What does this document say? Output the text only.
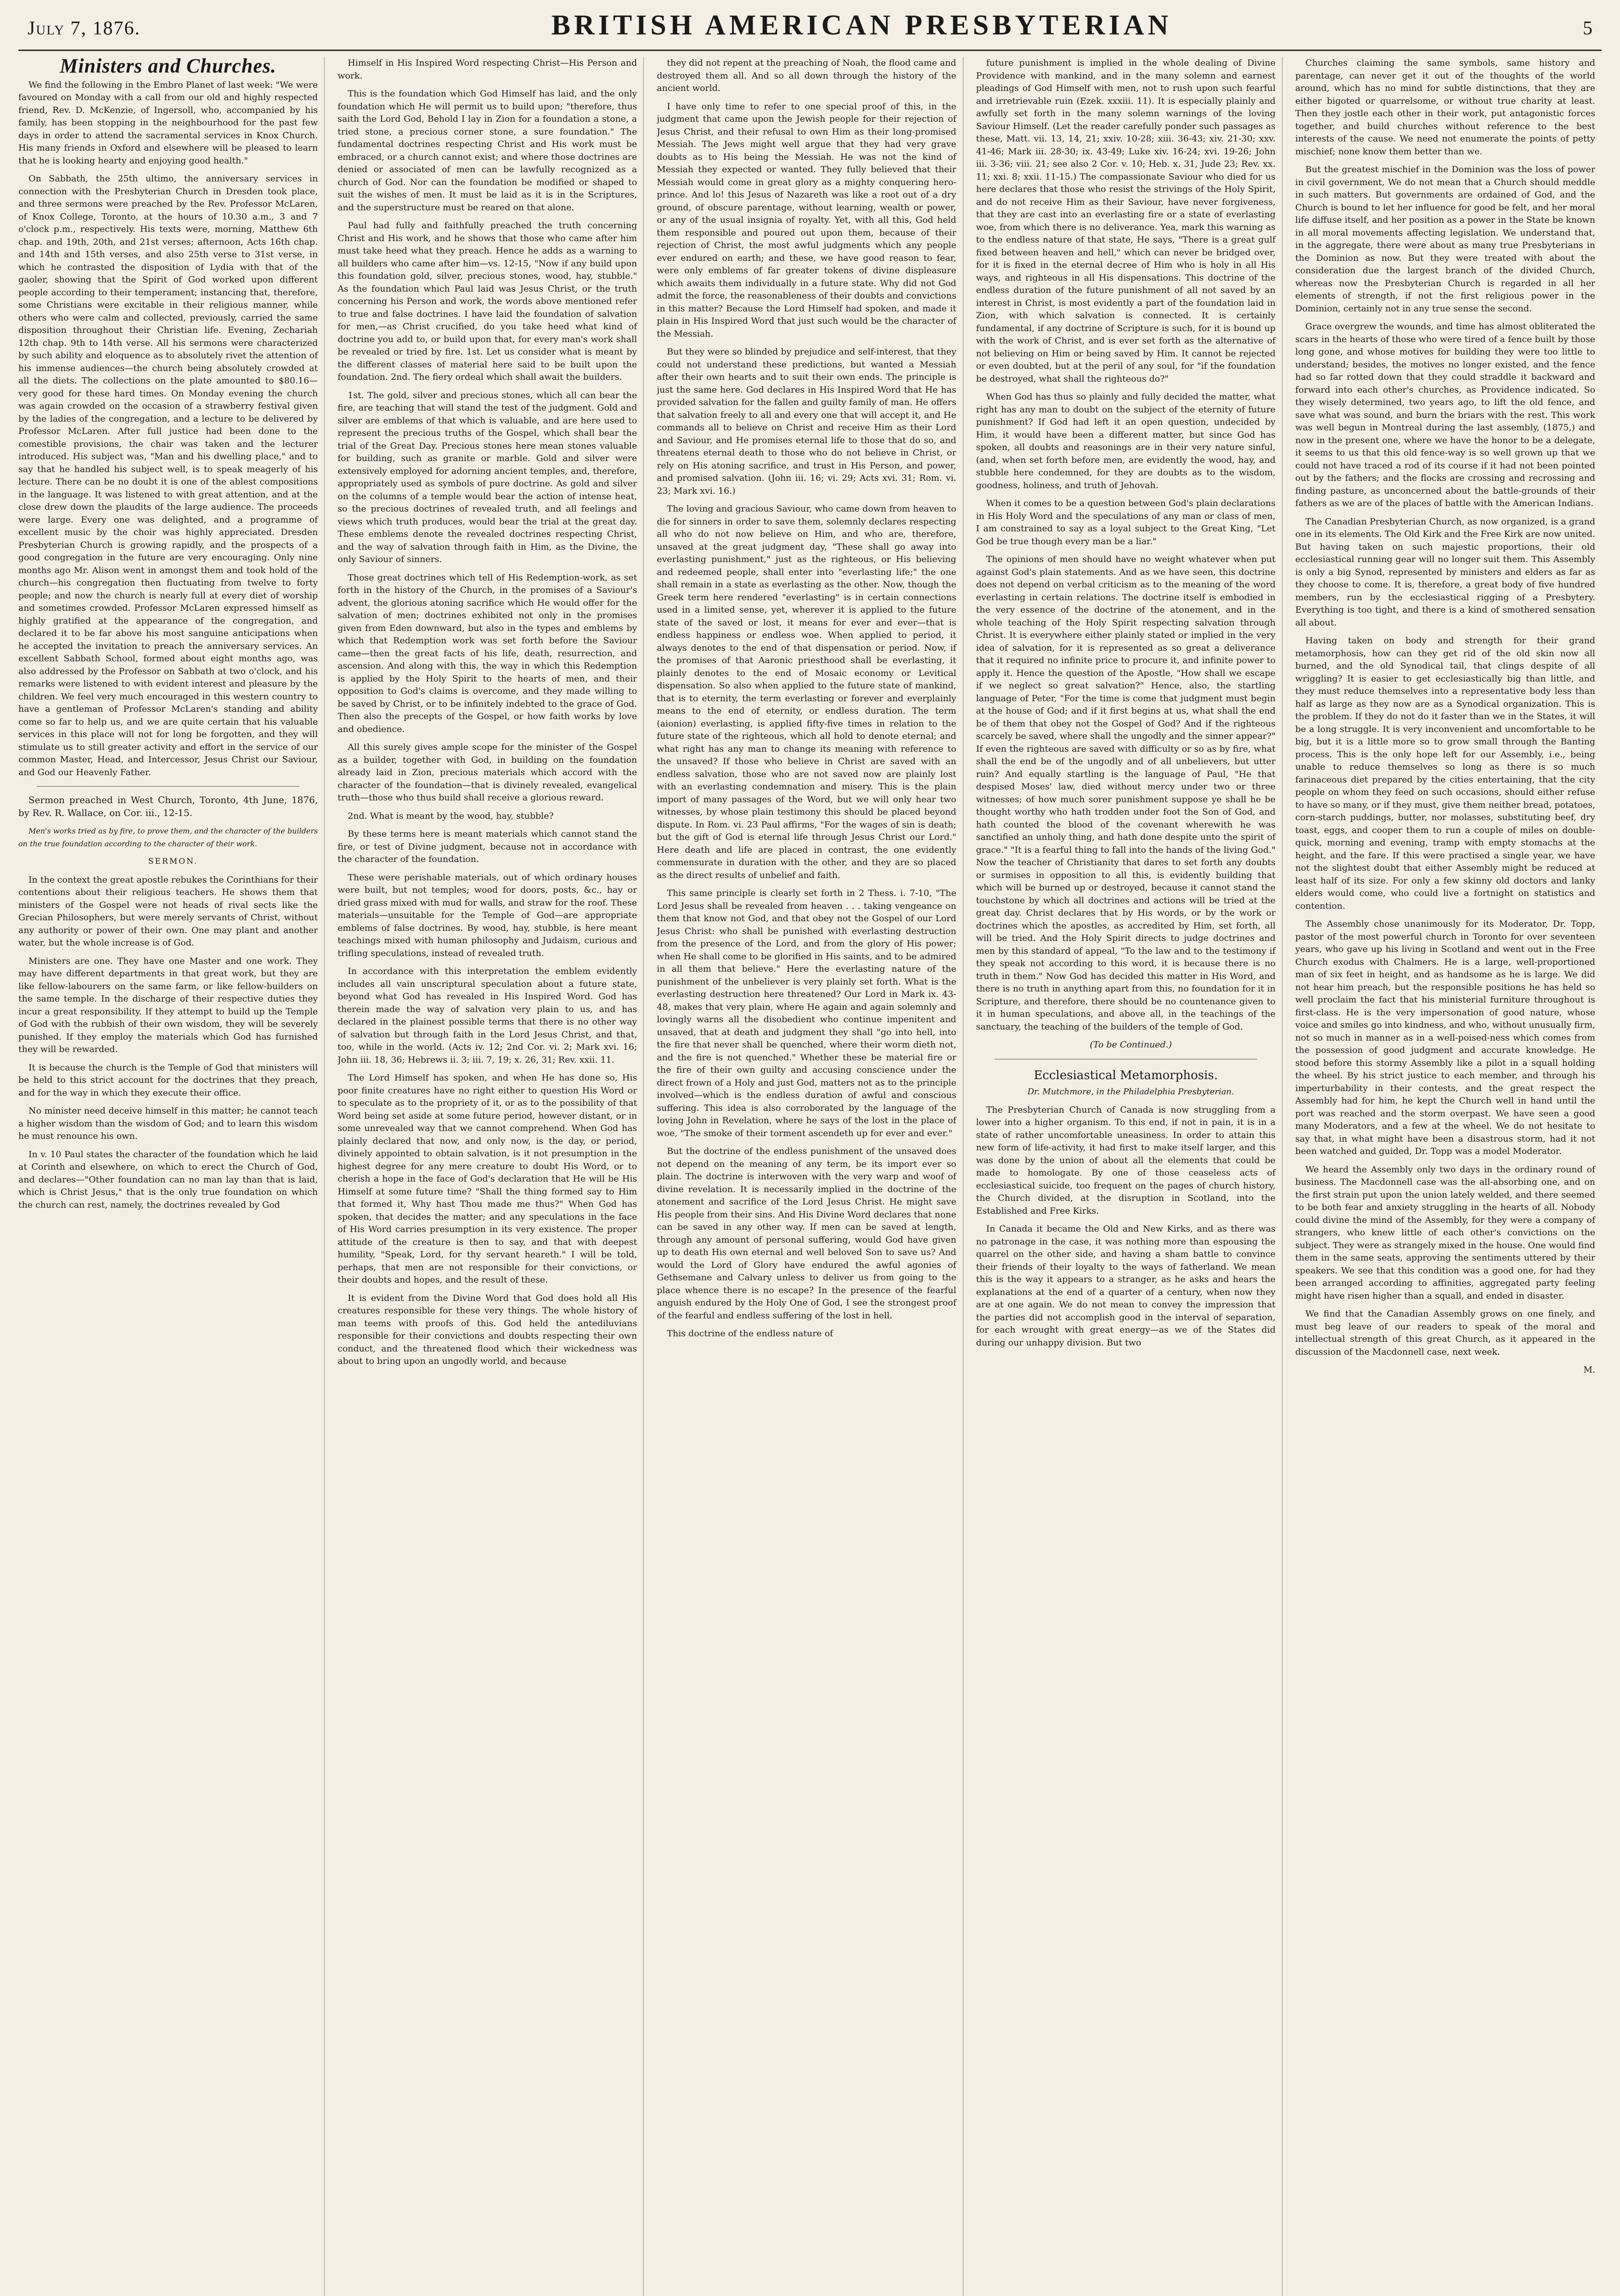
July 7, 1876.	BRITISH AMERICAN PRESBYTERIAN	5
Ministers and Churches.

We find the following in the Embro Planet of last week: "We were favoured on Monday with a call from our old and highly respected friend, Rev. D. McKenzie, of Ingersoll, who, accompanied by his family, has been stopping in the neighbourhood for the past few days in order to attend the sacramental services in Knox Church. His many friends in Oxford and elsewhere will be pleased to learn that he is looking hearty and enjoying good health."

On Sabbath, the 25th ultimo, the anniversary services in connection with the Presbyterian Church in Dresden took place, and three sermons were preached by the Rev. Professor McLaren, of Knox College, Toronto, at the hours of 10.30 a.m., 3 and 7 o'clock p.m., respectively. His texts were, morning, Matthew 6th chap. and 19th, 20th, and 21st verses; afternoon, Acts 16th chap. and 14th and 15th verses, and also 25th verse to 31st verse, in which he contrasted the disposition of Lydia with that of the gaoler, showing that the Spirit of God worked upon different people according to their temperament; instancing that, therefore, some Christians were excitable in their religious manner, while others who were calm and collected, previously, carried the same disposition throughout their Christian life. Evening, Zechariah 12th chap. 9th to 14th verse. All his sermons were characterized by such ability and eloquence as to absolutely rivet the attention of his immense audiences—the church being absolutely crowded at all the diets. The collections on the plate amounted to $80.16—very good for these hard times. On Monday evening the church was again crowded on the occasion of a strawberry festival given by the ladies of the congregation, and a lecture to be delivered by Professor McLaren. After full justice had been done to the comestible provisions, the chair was taken and the lecturer introduced. His subject was, "Man and his dwelling place," and to say that he handled his subject well, is to speak meagerly of his lecture. There can be no doubt it is one of the ablest compositions in the language. It was listened to with great attention, and at the close drew down the plaudits of the large audience. The proceeds were large. Every one was delighted, and a programme of excellent music by the choir was highly appreciated. Dresden Presbyterian Church is growing rapidly, and the prospects of a good congregation in the future are very encouraging. Only nine months ago Mr. Alison went in amongst them and took hold of the church—his congregation then fluctuating from twelve to forty people; and now the church is nearly full at every diet of worship and sometimes crowded. Professor McLaren expressed himself as highly gratified at the appearance of the congregation, and declared it to be far above his most sanguine anticipations when he accepted the invitation to preach the anniversary services. An excellent Sabbath School, formed about eight months ago, was also addressed by the Professor on Sabbath at two o'clock, and his remarks were listened to with evident interest and pleasure by the children. We feel very much encouraged in this western country to have a gentleman of Professor McLaren's standing and ability come so far to help us, and we are quite certain that his valuable services in this place will not for long be forgotten, and they will stimulate us to still greater activity and effort in the service of our common Master, Head, and Intercessor, Jesus Christ our Saviour, and God our Heavenly Father.

Sermon preached in West Church, Toronto, 4th June, 1876, by Rev. R. Wallace, on Cor. iii., 12-15.

Men's works tried as by fire, to prove them, and the character of the builders on the true foundation according to the character of their work.

SERMON.

In the context the great apostle rebukes the Corinthians for their contentions about their religious teachers. He shows them that ministers of the Gospel were not heads of rival sects like the Grecian Philosophers, but were merely servants of Christ, without any authority or power of their own. One may plant and another water, but the whole increase is of God.

Ministers are one. They have one Master and one work. They may have different departments in that great work, but they are like fellow-labourers on the same farm, or like fellow-builders on the same temple. In the discharge of their respective duties they incur a great responsibility. If they attempt to build up the Temple of God with the rubbish of their own wisdom, they will be severely punished. If they employ the materials which God has furnished they will be rewarded.

It is because the church is the Temple of God that ministers will be held to this strict account for the doctrines that they preach, and for the way in which they execute their office.

No minister need deceive himself in this matter; he cannot teach a higher wisdom than the wisdom of God; and to learn this wisdom he must renounce his own.

In v. 10 Paul states the character of the foundation which he laid at Corinth and elsewhere, on which to erect the Church of God, and declares—"Other foundation can no man lay than that is laid, which is Christ Jesus," that is the only true foundation on which the church can rest, namely, the doctrines revealed by God

Himself in His Inspired Word respecting Christ—His Person and work.

This is the foundation which God Himself has laid, and the only foundation which He will permit us to build upon; "therefore, thus saith the Lord God, Behold I lay in Zion for a foundation a stone, a tried stone, a precious corner stone, a sure foundation." The fundamental doctrines respecting Christ and His work must be embraced, or a church cannot exist; and where those doctrines are denied or associated of men can be lawfully recognized as a church of God. Nor can the foundation be modified or shaped to suit the wishes of men. It must be laid as it is in the Scriptures, and the superstructure must be reared on that alone.

Paul had fully and faithfully preached the truth concerning Christ and His work, and he shows that those who came after him must take heed what they preach. Hence he adds as a warning to all builders who came after him—vs. 12-15, "Now if any build upon this foundation gold, silver, precious stones, wood, hay, stubble." As the foundation which Paul laid was Jesus Christ, or the truth concerning his Person and work, the words above mentioned refer to true and false doctrines. I have laid the foundation of salvation for men,—as Christ crucified, do you take heed what kind of doctrine you add to, or build upon that, for every man's work shall be revealed or tried by fire. 1st. Let us consider what is meant by the different classes of material here said to be built upon the foundation. 2nd. The fiery ordeal which shall await the builders.

1st. The gold, silver and precious stones, which all can bear the fire, are teaching that will stand the test of the judgment. Gold and silver are emblems of that which is valuable, and are here used to represent the precious truths of the Gospel, which shall bear the trial of the Great Day. Precious stones here mean stones valuable for building, such as granite or marble. Gold and silver were extensively employed for adorning ancient temples, and, therefore, appropriately used as symbols of pure doctrine. As gold and silver on the columns of a temple would bear the action of intense heat, so the precious doctrines of revealed truth, and all feelings and views which truth produces, would bear the trial at the great day. These emblems denote the revealed doctrines respecting Christ, and the way of salvation through faith in Him, as the Divine, the only Saviour of sinners.

Those great doctrines which tell of His Redemption-work, as set forth in the history of the Church, in the promises of a Saviour's advent, the glorious atoning sacrifice which He would offer for the salvation of men; doctrines exhibited not only in the promises given from Eden downward, but also in the types and emblems by which that Redemption work was set forth before the Saviour came—then the great facts of his life, death, resurrection, and ascension. And along with this, the way in which this Redemption is applied by the Holy Spirit to the hearts of men, and their opposition to God's claims is overcome, and they made willing to be saved by Christ, or to be infinitely indebted to the grace of God. Then also the precepts of the Gospel, or how faith works by love and obedience.

All this surely gives ample scope for the minister of the Gospel as a builder, together with God, in building on the foundation already laid in Zion, precious materials which accord with the character of the foundation—that is divinely revealed, evangelical truth—those who thus build shall receive a glorious reward.

2nd. What is meant by the wood, hay, stubble?

By these terms here is meant materials which cannot stand the fire, or test of Divine judgment, because not in accordance with the character of the foundation.

These were perishable materials, out of which ordinary houses were built, but not temples; wood for doors, posts, &c., hay or dried grass mixed with mud for walls, and straw for the roof. These materials—unsuitable for the Temple of God—are appropriate emblems of false doctrines. By wood, hay, stubble, is here meant teachings mixed with human philosophy and Judaism, curious and trifling speculations, instead of revealed truth.

In accordance with this interpretation the emblem evidently includes all vain unscriptural speculation about a future state, beyond what God has revealed in His Inspired Word. God has therein made the way of salvation very plain to us, and has declared in the plainest possible terms that there is no other way of salvation but through faith in the Lord Jesus Christ, and that, too, while in the world. (Acts iv. 12; 2nd Cor. vi. 2; Mark xvi. 16; John iii. 18, 36; Hebrews ii. 3; iii. 7, 19; x. 26, 31; Rev. xxii. 11.

The Lord Himself has spoken, and when He has done so, His poor finite creatures have no right either to question His Word or to speculate as to the propriety of it, or as to the possibility of that Word being set aside at some future period, however distant, or in some unrevealed way that we cannot comprehend. When God has plainly declared that now, and only now, is the day, or period, divinely appointed to obtain salvation, is it not presumption in the highest degree for any mere creature to doubt His Word, or to cherish a hope in the face of God's declaration that He will be His Himself at some future time? "Shall the thing formed say to Him that formed it, Why hast Thou made me thus?" When God has spoken, that decides the matter; and any speculations in the face of His Word carries presumption in its very existence. The proper attitude of the creature is then to say, and that with deepest humility, "Speak, Lord, for thy servant heareth." I will be told, perhaps, that men are not responsible for their convictions, or their doubts and hopes, and the result of these.

It is evident from the Divine Word that God does hold all His creatures responsible for these very things. The whole history of man teems with proofs of this. God held the antediluvians responsible for their convictions and doubts respecting their own conduct, and the threatened flood which their wickedness was about to bring upon an ungodly world, and because

they did not repent at the preaching of Noah, the flood came and destroyed them all. And so all down through the history of the ancient world.

I have only time to refer to one special proof of this, in the judgment that came upon the Jewish people for their rejection of Jesus Christ, and their refusal to own Him as their long-promised Messiah. The Jews might well argue that they had very grave doubts as to His being the Messiah. He was not the kind of Messiah they expected or wanted. They fully believed that their Messiah would come in great glory as a mighty conquering hero-prince. And lo! this Jesus of Nazareth was like a root out of a dry ground, of obscure parentage, without learning, wealth or power, or any of the usual insignia of royalty. Yet, with all this, God held them responsible and poured out upon them, because of their rejection of Christ, the most awful judgments which any people ever endured on earth; and these, we have good reason to fear, were only emblems of far greater tokens of divine displeasure which awaits them individually in a future state. Why did not God admit the force, the reasonableness of their doubts and convictions in this matter? Because the Lord Himself had spoken, and made it plain in His Inspired Word that just such would be the character of the Messiah.

But they were so blinded by prejudice and self-interest, that they could not understand these predictions, but wanted a Messiah after their own hearts and to suit their own ends. The principle is just the same here. God declares in His Inspired Word that He has provided salvation for the fallen and guilty family of man. He offers that salvation freely to all and every one that will accept it, and He commands all to believe on Christ and receive Him as their Lord and Saviour, and He promises eternal life to those that do so, and threatens eternal death to those who do not believe in Christ, or rely on His atoning sacrifice, and trust in His Person, and power, and promised salvation. (John iii. 16; vi. 29; Acts xvi. 31; Rom. vi. 23; Mark xvi. 16.)

The loving and gracious Saviour, who came down from heaven to die for sinners in order to save them, solemnly declares respecting all who do not now believe on Him, and who are, therefore, unsaved at the great judgment day, "These shall go away into everlasting punishment," just as the righteous, or His believing and redeemed people, shall enter into "everlasting life;" the one shall remain in a state as everlasting as the other. Now, though the Greek term here rendered "everlasting" is in certain connections used in a limited sense, yet, wherever it is applied to the future state of the saved or lost, it means for ever and ever—that is endless happiness or endless woe. When applied to period, it always denotes to the end of that dispensation or period. Now, if the promises of that Aaronic priesthood shall be everlasting, it plainly denotes to the end of Mosaic economy or Levitical dispensation. So also when applied to the future state of mankind, that is to eternity, the term everlasting or forever and everplainly means to the end of eternity, or endless duration. The term (aionion) everlasting, is applied fifty-five times in relation to the future state of the righteous, which all hold to denote eternal; and what right has any man to change its meaning with reference to the unsaved? If those who believe in Christ are saved with an endless salvation, those who are not saved now are plainly lost with an everlasting condemnation and misery. This is the plain import of many passages of the Word, but we will only hear two witnesses, by whose plain testimony this should be placed beyond dispute. In Rom. vi. 23 Paul affirms, "For the wages of sin is death; but the gift of God is eternal life through Jesus Christ our Lord." Here death and life are placed in contrast, the one evidently commensurate in duration with the other, and they are so placed as the direct results of unbelief and faith.

This same principle is clearly set forth in 2 Thess. i. 7-10, "The Lord Jesus shall be revealed from heaven . . . taking vengeance on them that know not God, and that obey not the Gospel of our Lord Jesus Christ: who shall be punished with everlasting destruction from the presence of the Lord, and from the glory of His power; when He shall come to be glorified in His saints, and to be admired in all them that believe." Here the everlasting nature of the punishment of the unbeliever is very plainly set forth. What is the everlasting destruction here threatened? Our Lord in Mark ix. 43-48, makes that very plain, where He again and again solemnly and lovingly warns all the disobedient who continue impenitent and unsaved, that at death and judgment they shall "go into hell, into the fire that never shall be quenched, where their worm dieth not, and the fire is not quenched." Whether these be material fire or the fire of their own guilty and accusing conscience under the direct frown of a Holy and just God, matters not as to the principle involved—which is the endless duration of awful and conscious suffering. This idea is also corroborated by the language of the loving John in Revelation, where he says of the lost in the place of woe, "The smoke of their torment ascendeth up for ever and ever."

But the doctrine of the endless punishment of the unsaved does not depend on the meaning of any term, be its import ever so plain. The doctrine is interwoven with the very warp and woof of divine revelation. It is necessarily implied in the doctrine of the atonement and sacrifice of the Lord Jesus Christ. He might save His people from their sins. And His Divine Word declares that none can be saved in any other way. If men can be saved at length, through any amount of personal suffering, would God have given up to death His own eternal and well beloved Son to save us? And would the Lord of Glory have endured the awful agonies of Gethsemane and Calvary unless to deliver us from going to the place whence there is no escape? In the presence of the fearful anguish endured by the Holy One of God, I see the strongest proof of the fearful and endless suffering of the lost in hell.

This doctrine of the endless nature of

future punishment is implied in the whole dealing of Divine Providence with mankind, and in the many solemn and earnest pleadings of God Himself with men, not to rush upon such fearful and irretrievable ruin (Ezek. xxxiii. 11). It is especially plainly and awfully set forth in the many solemn warnings of the loving Saviour Himself. (Let the reader carefully ponder such passages as these, Matt. vii. 13, 14, 21; xxiv. 10-28; xiii. 36-43; xiv. 21-30; xxv. 41-46; Mark iii. 28-30; ix. 43-49; Luke xiv. 16-24; xvi. 19-26; John iii. 3-36; viii. 21; see also 2 Cor. v. 10; Heb. x. 31, Jude 23; Rev. xx. 11; xxi. 8; xxii. 11-15.) The compassionate Saviour who died for us here declares that those who resist the strivings of the Holy Spirit, and do not receive Him as their Saviour, have never forgiveness, that they are cast into an everlasting fire or a state of everlasting woe, from which there is no deliverance. Yea, mark this warning as to the endless nature of that state, He says, "There is a great gulf fixed between heaven and hell," which can never be bridged over, for it is fixed in the eternal decree of Him who is holy in all His ways, and righteous in all His dispensations. This doctrine of the endless duration of the future punishment of all not saved by an interest in Christ, is most evidently a part of the foundation laid in Zion, with which salvation is connected. It is certainly fundamental, if any doctrine of Scripture is such, for it is bound up with the work of Christ, and is ever set forth as the alternative of not believing on Him or being saved by Him. It cannot be rejected or even doubted, but at the peril of any soul, for "if the foundation be destroyed, what shall the righteous do?"

When God has thus so plainly and fully decided the matter, what right has any man to doubt on the subject of the eternity of future punishment? If God had left it an open question, undecided by Him, it would have been a different matter, but since God has spoken, all doubts and reasonings are in their very nature sinful, (and, when set forth before men, are evidently the wood, hay, and stubble here condemned, for they are doubts as to the wisdom, goodness, holiness, and truth of Jehovah.

When it comes to be a question between God's plain declarations in His Holy Word and the speculations of any man or class of men, I am constrained to say as a loyal subject to the Great King, "Let God be true though every man be a liar."

The opinions of men should have no weight whatever when put against God's plain statements. And as we have seen, this doctrine does not depend on verbal criticism as to the meaning of the word everlasting in certain relations. The doctrine itself is embodied in the very essence of the doctrine of the atonement, and in the whole teaching of the Holy Spirit respecting salvation through Christ. It is everywhere either plainly stated or implied in the very idea of salvation, for it is represented as so great a deliverance that it required no infinite price to procure it, and infinite power to apply it. Hence the question of the Apostle, "How shall we escape if we neglect so great salvation?" Hence, also, the startling language of Peter, "For the time is come that judgment must begin at the house of God; and if it first begins at us, what shall the end be of them that obey not the Gospel of God? And if the righteous scarcely be saved, where shall the ungodly and the sinner appear?" If even the righteous are saved with difficulty or so as by fire, what shall the end be of the ungodly and of all unbelievers, but utter ruin? And equally startling is the language of Paul, "He that despised Moses' law, died without mercy under two or three witnesses; of how much sorer punishment suppose ye shall he be thought worthy who hath trodden under foot the Son of God, and hath counted the blood of the covenant wherewith he was sanctified an unholy thing, and hath done despite unto the spirit of grace." "It is a fearful thing to fall into the hands of the living God." Now the teacher of Christianity that dares to set forth any doubts or surmises in opposition to all this, is evidently building that which will be burned up or destroyed, because it cannot stand the touchstone by which all doctrines and actions will be tried at the great day. Christ declares that by His words, or by the work or doctrines which the apostles, as accredited by Him, set forth, all will be tried. And the Holy Spirit directs to judge doctrines and men by this standard of appeal, "To the law and to the testimony if they speak not according to this word, it is because there is no truth in them." Now God has decided this matter in His Word, and there is no truth in anything apart from this, no foundation for it in Scripture, and therefore, there should be no countenance given to it in human speculations, and above all, in the teachings of the sanctuary, the teaching of the builders of the temple of God.

(To be Continued.)

Ecclesiastical Metamorphosis.

Dr. Mutchmore, in the Philadelphia Presbyterian.

The Presbyterian Church of Canada is now struggling from a lower into a higher organism. To this end, if not in pain, it is in a state of rather uncomfortable uneasiness. In order to attain this new form of life-activity, it had first to make itself larger, and this was done by the union of about all the elements that could be made to homologate. By one of those ceaseless acts of ecclesiastical suicide, too frequent on the pages of church history, the Church divided, at the disruption in Scotland, into the Established and Free Kirks.

In Canada it became the Old and New Kirks, and as there was no patronage in the case, it was nothing more than espousing the quarrel on the other side, and having a sham battle to convince their friends of their loyalty to the ways of fatherland. We mean this is the way it appears to a stranger, as he asks and hears the explanations at the end of a quarter of a century, when now they are at one again. We do not mean to convey the impression that the parties did not accomplish good in the interval of separation, for each wrought with great energy—as we of the States did during our unhappy division. But two

Churches claiming the same symbols, same history and parentage, can never get it out of the thoughts of the world around, which has no mind for subtle distinctions, that they are either bigoted or quarrelsome, or without true charity at least. Then they jostle each other in their work, put antagonistic forces together, and build churches without reference to the best interests of the cause. We need not enumerate the points of petty mischief; none know them better than we.

But the greatest mischief in the Dominion was the loss of power in civil government, We do not mean that a Church should meddle in such matters. But governments are ordained of God, and the Church is bound to let her influence for good be felt, and her moral life diffuse itself, and her position as a power in the State be known in all moral movements affecting legislation. We understand that, in the aggregate, there were about as many true Presbyterians in the Dominion as now. But they were treated with about the consideration due the largest branch of the divided Church, whereas now the Presbyterian Church is regarded in all her elements of strength, if not the first religious power in the Dominion, certainly not in any true sense the second.

Grace overgrew the wounds, and time has almost obliterated the scars in the hearts of those who were tired of a fence built by those long gone, and whose motives for building they were too little to understand; besides, the motives no longer existed, and the fence had so far rotted down that they could straddle it backward and forward into each other's churches, as Providence indicated. So they wisely determined, two years ago, to lift the old fence, and save what was sound, and burn the briars with the rest. This work was well begun in Montreal during the last assembly, (1875,) and now in the present one, where we have the honor to be a delegate, it seems to us that this old fence-way is so well grown up that we could not have traced a rod of its course if it had not been pointed out by the fathers; and the flocks are crossing and recrossing and finding pasture, as unconcerned about the battle-grounds of their fathers as we are of the places of battle with the American Indians.

The Canadian Presbyterian Church, as now organized, is a grand one in its elements. The Old Kirk and the Free Kirk are now united. But having taken on such majestic proportions, their old ecclesiastical running gear will no longer suit them. This Assembly is only a big Synod, represented by ministers and elders as far as they choose to come. It is, therefore, a great body of five hundred members, run by the ecclesiastical rigging of a Presbytery. Everything is too tight, and there is a kind of smothered sensation all about.

Having taken on body and strength for their grand metamorphosis, how can they get rid of the old skin now all burned, and the old Synodical tail, that clings despite of all wriggling? It is easier to get ecclesiastically big than little, and they must reduce themselves into a representative body less than half as large as they now are as a Synodical organization. This is the problem. If they do not do it faster than we in the States, it will be a long struggle. It is very inconvenient and uncomfortable to be big, but it is a little more so to grow small through the Banting process. This is the only hope left for our Assembly, i.e., being unable to reduce themselves so long as there is so much farinaceous diet prepared by the cities entertaining, that the city people on whom they feed on such occasions, should either refuse to have so many, or if they must, give them neither bread, potatoes, corn-starch puddings, butter, nor molasses, substituting beef, dry toast, eggs, and cooper them to run a couple of miles on double-quick, morning and evening, tramp with empty stomachs at the height, and the fare. If this were practised a single year, we have not the slightest doubt that either Assembly might be reduced at least half of its size. For only a few skinny old doctors and lanky elders would come, who could live a fortnight on statistics and contention.

The Assembly chose unanimously for its Moderator, Dr. Topp, pastor of the most powerful church in Toronto for over seventeen years, who gave up his living in Scotland and went out in the Free Church exodus with Chalmers. He is a large, well-proportioned man of six feet in height, and as handsome as he is large. We did not hear him preach, but the responsible positions he has held so well proclaim the fact that his ministerial furniture throughout is first-class. He is the very impersonation of good nature, whose voice and smiles go into kindness, and who, without unusually firm, not so much in manner as in a well-poised-ness which comes from the possession of good judgment and accurate knowledge. He stood before this stormy Assembly like a pilot in a squall holding the wheel. By his strict justice to each member, and through his imperturbability in their contests, and the great respect the Assembly had for him, he kept the Church well in hand until the port was reached and the storm overpast. We have seen a good many Moderators, and a few at the wheel. We do not hesitate to say that, in what might have been a disastrous storm, had it not been watched and guided, Dr. Topp was a model Moderator.

We heard the Assembly only two days in the ordinary round of business. The Macdonnell case was the all-absorbing one, and on the first strain put upon the union lately welded, and there seemed to be both fear and anxiety struggling in the hearts of all. Nobody could divine the mind of the Assembly, for they were a company of strangers, who knew little of each other's convictions on the subject. They were as strangely mixed in the house. One would find them in the same seats, approving the sentiments uttered by their speakers. We see that this condition was a good one, for had they been arranged according to affinities, aggregated party feeling might have risen higher than a squall, and ended in disaster.

We find that the Canadian Assembly grows on one finely, and must beg leave of our readers to speak of the moral and intellectual strength of this great Church, as it appeared in the discussion of the Macdonnell case, next week.

M.
